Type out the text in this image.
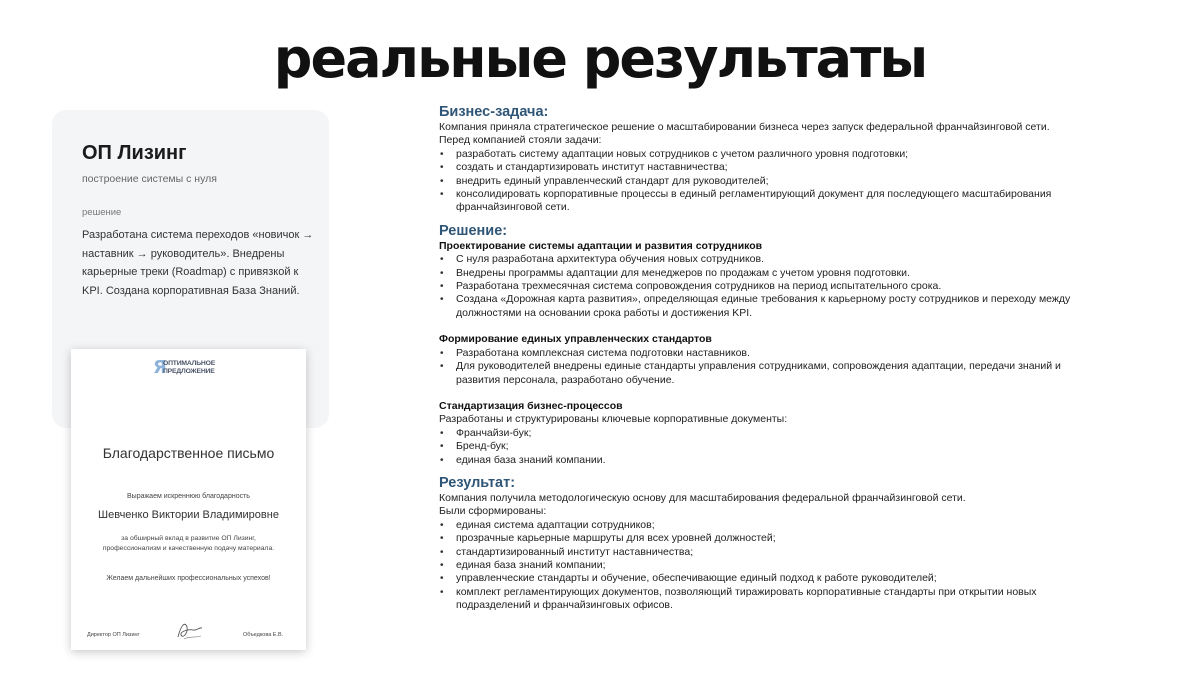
реальные результаты
ОП Лизинг
построение системы с нуля
решение
Разработана система переходов «новичок → наставник → руководитель». Внедрены карьерные треки (Roadmap) с привязкой к KPI. Создана корпоративная База Знаний.
Я
ОПТИМАЛЬНОЕ
ПРЕДЛОЖЕНИЕ
Благодарственное письмо
Выражаем искреннюю благодарность
Шевченко Виктории Владимировне
за обширный вклад в развитие ОП Лизинг, профессионализм и качественную подачу материала.
Желаем дальнейших профессиональных успехов!
Директор ОП Лизинг	Объедкова Е.В.
Бизнес-задача:
Компания приняла стратегическое решение о масштабировании бизнеса через запуск федеральной франчайзинговой сети.
Перед компанией стояли задачи:
• разработать систему адаптации новых сотрудников с учетом различного уровня подготовки;
• создать и стандартизировать институт наставничества;
• внедрить единый управленческий стандарт для руководителей;
• консолидировать корпоративные процессы в единый регламентирующий документ для последующего масштабирования франчайзинговой сети.
Решение:
Проектирование системы адаптации и развития сотрудников
• С нуля разработана архитектура обучения новых сотрудников.
• Внедрены программы адаптации для менеджеров по продажам с учетом уровня подготовки.
• Разработана трехмесячная система сопровождения сотрудников на период испытательного срока.
• Создана «Дорожная карта развития», определяющая единые требования к карьерному росту сотрудников и переходу между должностями на основании срока работы и достижения KPI.
Формирование единых управленческих стандартов
• Разработана комплексная система подготовки наставников.
• Для руководителей внедрены единые стандарты управления сотрудниками, сопровождения адаптации, передачи знаний и развития персонала, разработано обучение.
Стандартизация бизнес-процессов
Разработаны и структурированы ключевые корпоративные документы:
• Франчайзи-бук;
• Бренд-бук;
• единая база знаний компании.
Результат:
Компания получила методологическую основу для масштабирования федеральной франчайзинговой сети.
Были сформированы:
• единая система адаптации сотрудников;
• прозрачные карьерные маршруты для всех уровней должностей;
• стандартизированный институт наставничества;
• единая база знаний компании;
• управленческие стандарты и обучение, обеспечивающие единый подход к работе руководителей;
• комплект регламентирующих документов, позволяющий тиражировать корпоративные стандарты при открытии новых подразделений и франчайзинговых офисов.
